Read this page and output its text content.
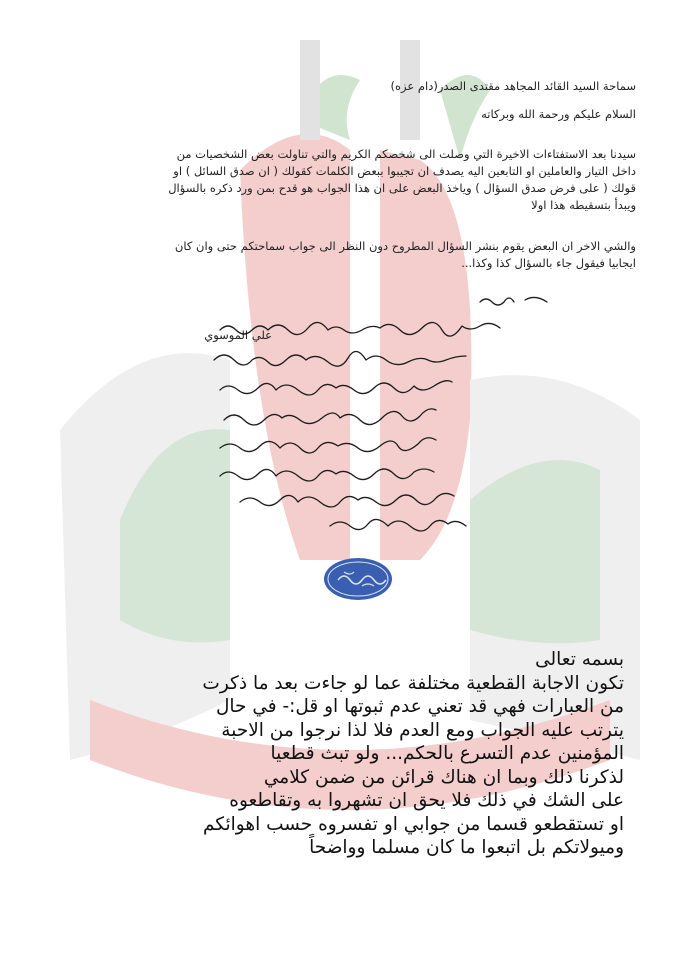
سماحة السيد القائد المجاهد مقتدى الصدر(دام عزه)

السلام عليكم ورحمة الله وبركاته

سيدنا بعد الاستفتاءات الاخيرة التي وصلت الى شخصكم الكريم والتي تناولت بعض الشخصيات من

داخل التيار والعاملين او التابعين اليه يصدف ان تجيبوا ببعض الكلمات كقولك ( ان صدق السائل ) او

قولك ( على فرض صدق السؤال ) وياخذ البعض على ان هذا الجواب هو قدح بمن ورد ذكره بالسؤال

ويبدأ بتسقيطه هذا اولا

والشي الاخر ان البعض يقوم بنشر السؤال المطروح دون النظر الى جواب سماحتكم حتى وان كان

ايجابيا فيقول جاء بالسؤال كذا وكذا...

علي الموسوي
بسمه تعالى
تكون الاجابة القطعية مختلفة عما لو جاءت بعد ما ذكرت
من العبارات فهي قد تعني عدم ثبوتها او قل:- في حال
يترتب عليه الجواب ومع العدم فلا لذا نرجوا من الاحبة
المؤمنين عدم التسرع بالحكم... ولو تبث قطعيا
لذكرنا ذلك وبما ان هناك قرائن من ضمن كلامي
على الشك في ذلك فلا يحق ان تشهروا به وتقاطعوه
او تستقطعو قسما من جوابي او تفسروه حسب اهوائكم
وميولاتكم بل اتبعوا ما كان مسلما وواضحاً
